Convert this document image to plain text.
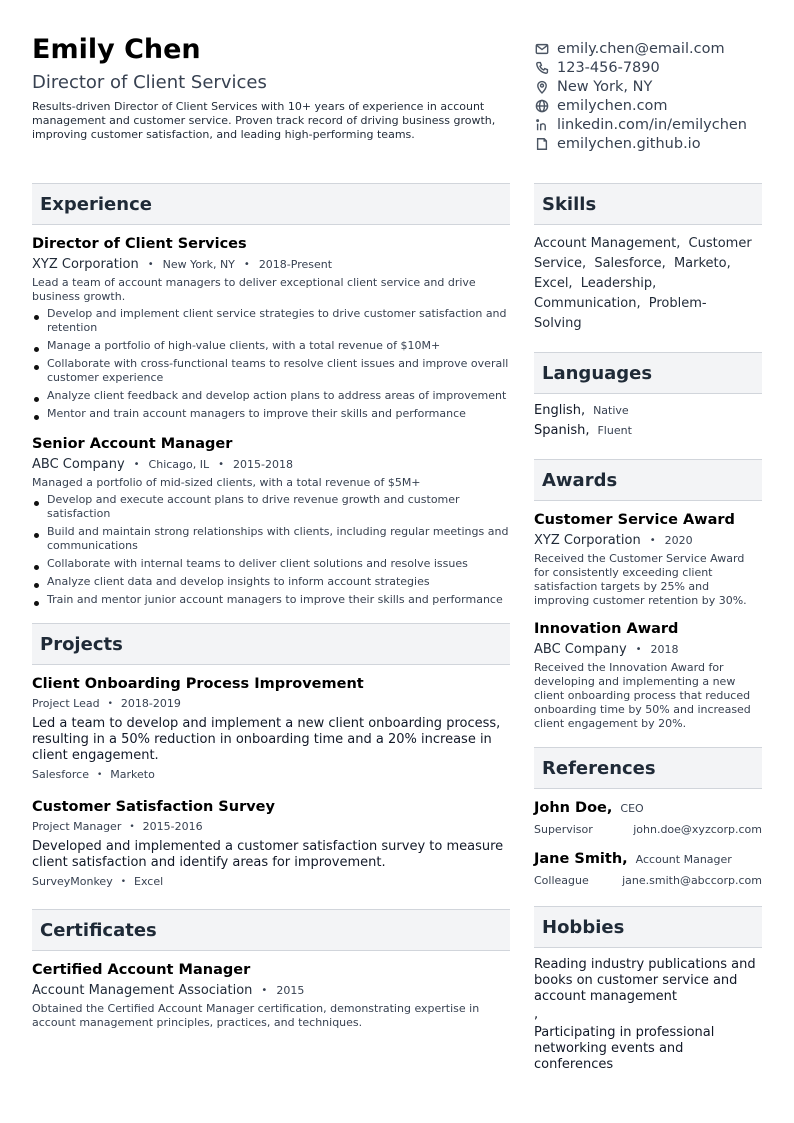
Emily Chen
Director of Client Services
Results-driven Director of Client Services with 10+ years of experience in account management and customer service. Proven track record of driving business growth, improving customer satisfaction, and leading high-performing teams.
emily.chen@email.com
123-456-7890
New York, NY
emilychen.com
linkedin.com/in/emilychen
emilychen.github.io
Experience
Director of Client Services
XYZ Corporation • New York, NY • 2018-Present
Lead a team of account managers to deliver exceptional client service and drive business growth.
Develop and implement client service strategies to drive customer satisfaction and retention
Manage a portfolio of high-value clients, with a total revenue of $10M+
Collaborate with cross-functional teams to resolve client issues and improve overall customer experience
Analyze client feedback and develop action plans to address areas of improvement
Mentor and train account managers to improve their skills and performance
Senior Account Manager
ABC Company • Chicago, IL • 2015-2018
Managed a portfolio of mid-sized clients, with a total revenue of $5M+
Develop and execute account plans to drive revenue growth and customer satisfaction
Build and maintain strong relationships with clients, including regular meetings and communications
Collaborate with internal teams to deliver client solutions and resolve issues
Analyze client data and develop insights to inform account strategies
Train and mentor junior account managers to improve their skills and performance
Projects
Client Onboarding Process Improvement
Project Lead • 2018-2019
Led a team to develop and implement a new client onboarding process, resulting in a 50% reduction in onboarding time and a 20% increase in client engagement.
Salesforce • Marketo
Customer Satisfaction Survey
Project Manager • 2015-2016
Developed and implemented a customer satisfaction survey to measure client satisfaction and identify areas for improvement.
SurveyMonkey • Excel
Certificates
Certified Account Manager
Account Management Association • 2015
Obtained the Certified Account Manager certification, demonstrating expertise in account management principles, practices, and techniques.
Skills
Account Management, Customer Service, Salesforce, Marketo, Excel, Leadership, Communication, Problem-Solving
Languages
English, Native
Spanish, Fluent
Awards
Customer Service Award
XYZ Corporation • 2020
Received the Customer Service Award for consistently exceeding client satisfaction targets by 25% and improving customer retention by 30%.
Innovation Award
ABC Company • 2018
Received the Innovation Award for developing and implementing a new client onboarding process that reduced onboarding time by 50% and increased client engagement by 20%.
References
John Doe, CEO
Supervisor	john.doe@xyzcorp.com
Jane Smith, Account Manager
Colleague	jane.smith@abccorp.com
Hobbies
Reading industry publications and books on customer service and account management
,
Participating in professional networking events and conferences
